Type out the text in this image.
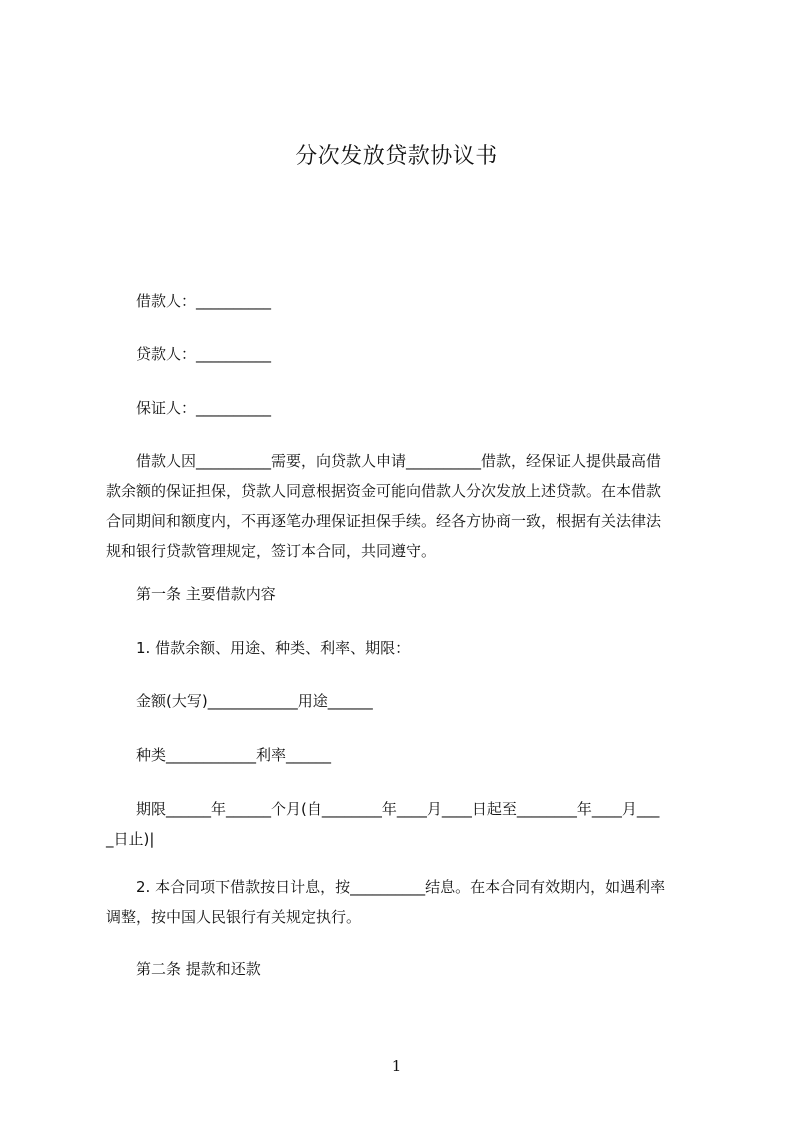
分次发放贷款协议书
借款人：__________
贷款人：__________
保证人：__________
借款人因__________需要，向贷款人申请__________借款，经保证人提供最高借
款余额的保证担保，贷款人同意根据资金可能向借款人分次发放上述贷款。在本借款
合同期间和额度内，不再逐笔办理保证担保手续。经各方协商一致，根据有关法律法
规和银行贷款管理规定，签订本合同，共同遵守。
第一条 主要借款内容
1. 借款余额、用途、种类、利率、期限：
金额(大写)____________用途______
种类____________利率______
期限______年______个月(自________年____月____日起至________年____月___
_日止)|
2. 本合同项下借款按日计息，按__________结息。在本合同有效期内，如遇利率
调整，按中国人民银行有关规定执行。
第二条 提款和还款
1
